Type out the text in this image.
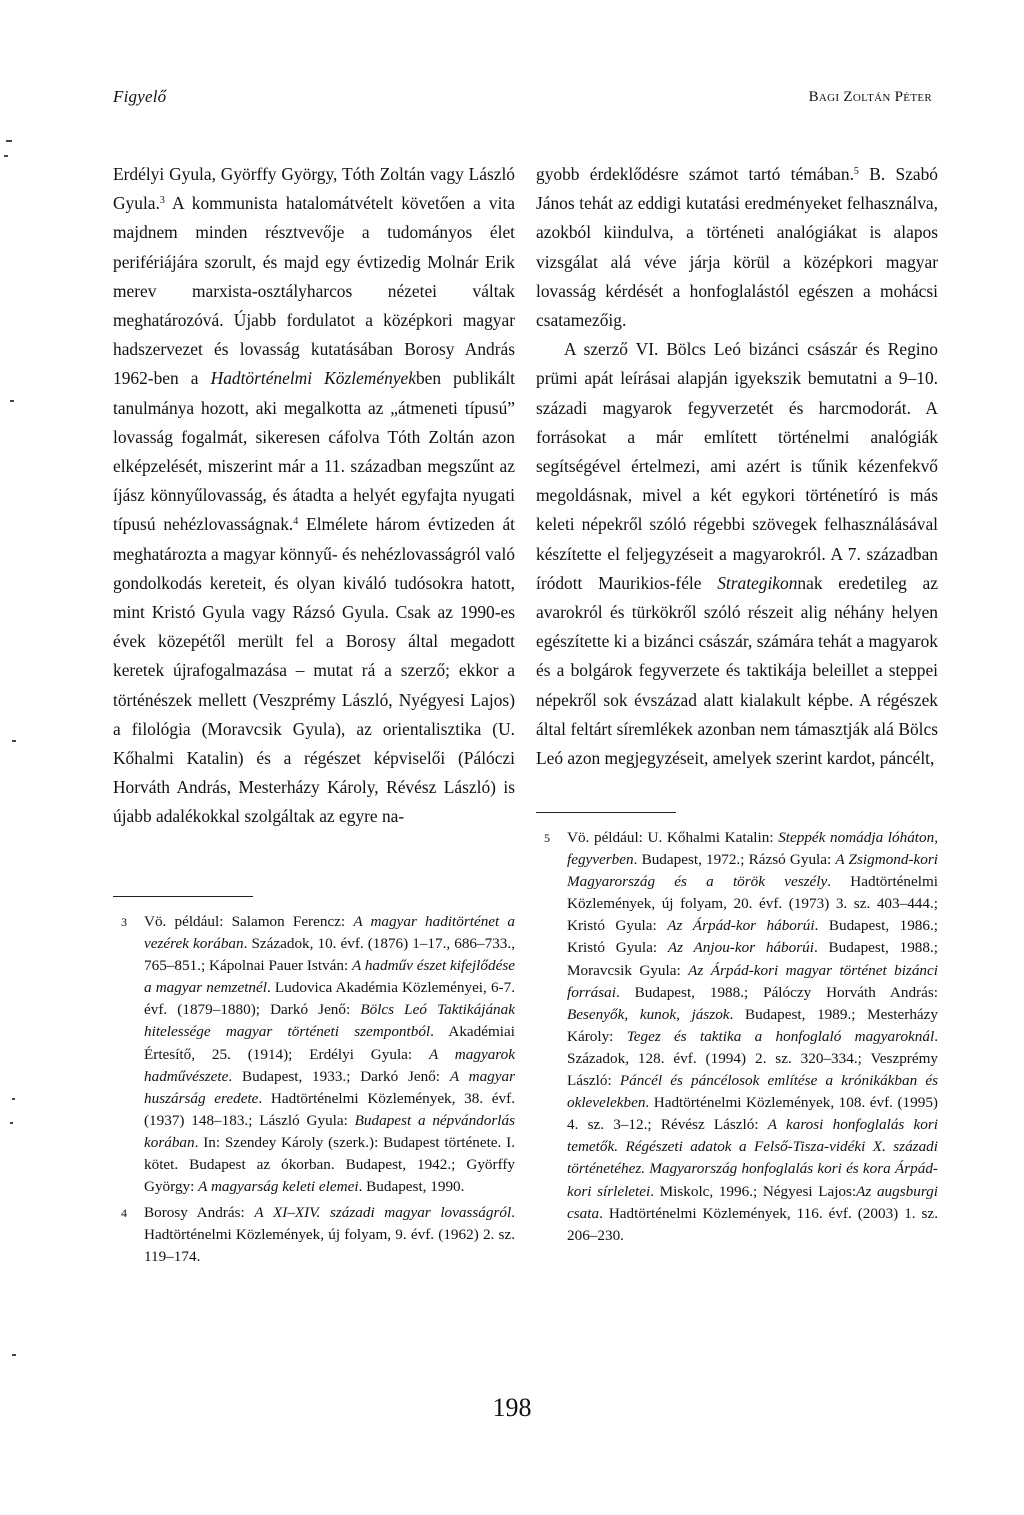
Figyelő	Bagi Zoltán Péter

Erdélyi Gyula, Györffy György, Tóth Zoltán vagy László Gyula.$^3$ A kommunista hatalomátvételt követően a vita majdnem minden résztvevője a tudományos élet perifériájára szorult, és majd egy évtizedig Molnár Erik merev marxista-osztályharcos nézetei váltak meghatározóvá. Újabb fordulatot a középkori magyar hadszervezet és lovasság kutatásában Borosy András 1962-ben a Hadtörténelmi Közleményekben publikált tanulmánya hozott, aki megalkotta az „átmeneti típusú” lovasság fogalmát, sikeresen cáfolva Tóth Zoltán azon elképzelését, miszerint már a 11. században megszűnt az íjász könnyűlovasság, és átadta a helyét egyfajta nyugati típusú nehézlovasságnak.$^4$ Elmélete három évtizeden át meghatározta a magyar könnyű- és nehézlovasságról való gondolkodás kereteit, és olyan kiváló tudósokra hatott, mint Kristó Gyula vagy Rázsó Gyula. Csak az 1990-es évek közepétől merült fel a Borosy által megadott keretek újrafogalmazása – mutat rá a szerző; ekkor a történészek mellett (Veszprémy László, Nyégyesi Lajos) a filológia (Moravcsik Gyula), az orientalisztika (U. Kőhalmi Katalin) és a régészet képviselői (Pálóczi Horváth András, Mesterházy Károly, Révész László) is újabb adalékokkal szolgáltak az egyre na-

gyobb érdeklődésre számot tartó témában.$^5$ B. Szabó János tehát az eddigi kutatási eredményeket felhasználva, azokból kiindulva, a történeti analógiákat is alapos vizsgálat alá véve járja körül a középkori magyar lovasság kérdését a honfoglalástól egészen a mohácsi csatamezőig.

A szerző VI. Bölcs Leó bizánci császár és Regino prümi apát leírásai alapján igyekszik bemutatni a 9–10. századi magyarok fegyverzetét és harcmodorát. A forrásokat a már említett történelmi analógiák segítségével értelmezi, ami azért is tűnik kézenfekvő megoldásnak, mivel a két egykori történetíró is más keleti népekről szóló régebbi szövegek felhasználásával készítette el feljegyzéseit a magyarokról. A 7. században íródott Maurikios-féle Strategikonnak eredetileg az avarokról és türkökről szóló részeit alig néhány helyen egészítette ki a bizánci császár, számára tehát a magyarok és a bolgárok fegyverzete és taktikája beleillet a steppei népekről sok évszázad alatt kialakult képbe. A régészek által feltárt síremlékek azonban nem támasztják alá Bölcs Leó azon megjegyzéseit, amelyek szerint kardot, páncélt,

3 Vö. például: Salamon Ferencz: A magyar haditörténet a vezérek korában. Századok, 10. évf. (1876) 1–17., 686–733., 765–851.; Kápolnai Pauer István: A hadműv észet kifejlődése a magyar nemzetnél. Ludovica Akadémia Közleményei, 6-7. évf. (1879–1880); Darkó Jenő: Bölcs Leó Taktikájának hitelessége magyar történeti szempontból. Akadémiai Értesítő, 25. (1914); Erdélyi Gyula: A magyarok hadművészete. Budapest, 1933.; Darkó Jenő: A magyar huszárság eredete. Hadtörténelmi Közlemények, 38. évf. (1937) 148–183.; László Gyula: Budapest a népvándorlás korában. In: Szendey Károly (szerk.): Budapest története. I. kötet. Budapest az ókorban. Budapest, 1942.; Györffy György: A magyarság keleti elemei. Budapest, 1990.
4 Borosy András: A XI–XIV. századi magyar lovasságról. Hadtörténelmi Közlemények, új folyam, 9. évf. (1962) 2. sz. 119–174.
5 Vö. például: U. Kőhalmi Katalin: Steppék nomádja lóháton, fegyverben. Budapest, 1972.; Rázsó Gyula: A Zsigmond-kori Magyarország és a török veszély. Hadtörténelmi Közlemények, új folyam, 20. évf. (1973) 3. sz. 403–444.; Kristó Gyula: Az Árpád-kor háborúi. Budapest, 1986.; Kristó Gyula: Az Anjou-kor háborúi. Budapest, 1988.; Moravcsik Gyula: Az Árpád-kori magyar történet bizánci forrásai. Budapest, 1988.; Pálóczy Horváth András: Besenyők, kunok, jászok. Budapest, 1989.; Mesterházy Károly: Tegez és taktika a honfoglaló magyaroknál. Századok, 128. évf. (1994) 2. sz. 320–334.; Veszprémy László: Páncél és páncélosok említése a krónikákban és oklevelekben. Hadtörténelmi Közlemények, 108. évf. (1995) 4. sz. 3–12.; Révész László: A karosi honfoglalás kori temetők. Régészeti adatok a Felső-Tisza-vidéki X. századi történetéhez. Magyarország honfoglalás kori és kora Árpád-kori sírleletei. Miskolc, 1996.; Négyesi Lajos:Az augsburgi csata. Hadtörténelmi Közlemények, 116. évf. (2003) 1. sz. 206–230.
198
